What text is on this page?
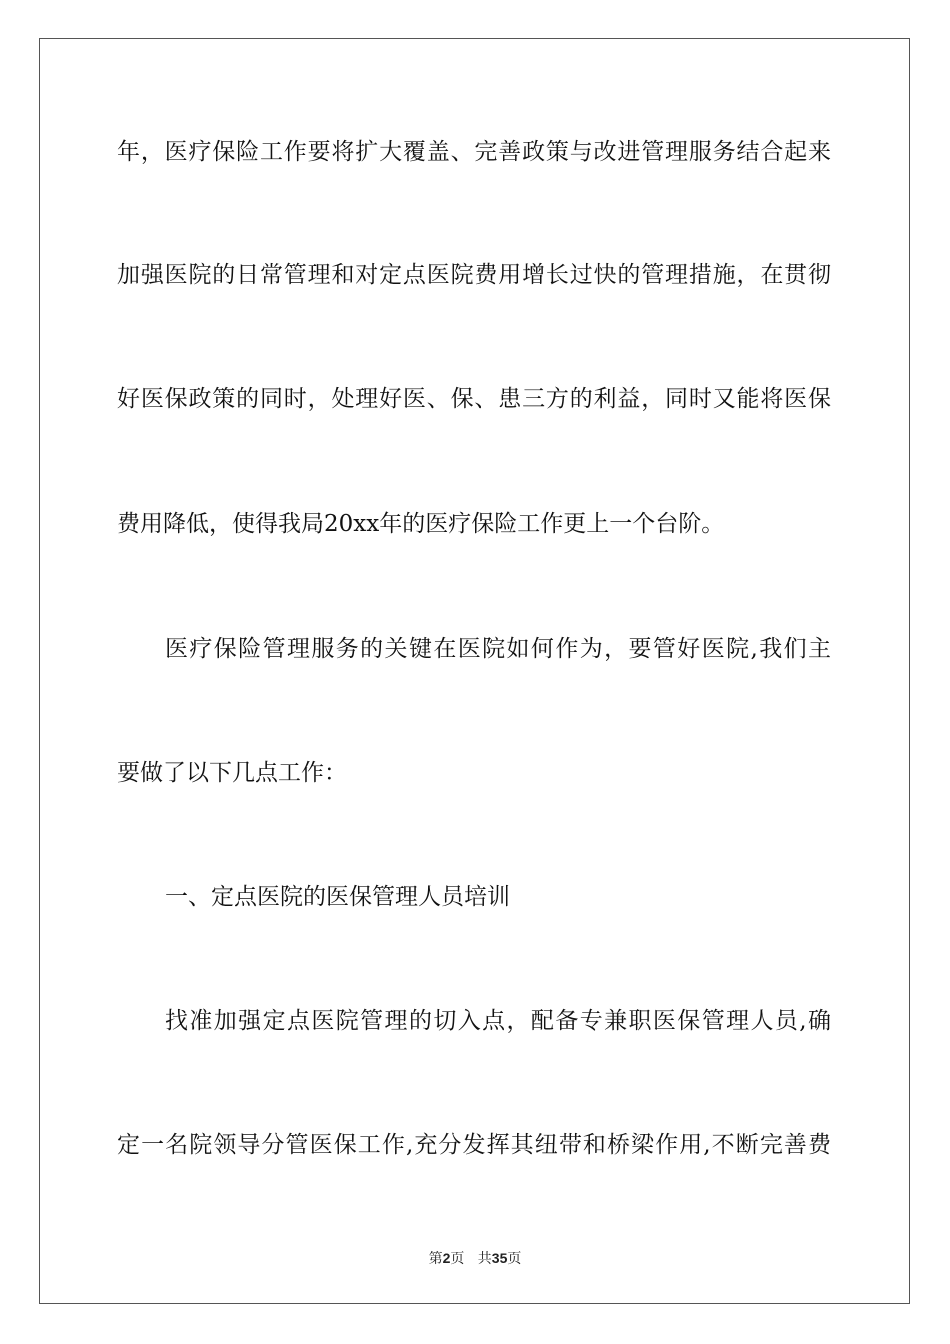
年，医疗保险工作要将扩大覆盖、完善政策与改进管理服务结合起来
加强医院的日常管理和对定点医院费用增长过快的管理措施，在贯彻
好医保政策的同时，处理好医、保、患三方的利益，同时又能将医保
费用降低，使得我局20xx年的医疗保险工作更上一个台阶。
医疗保险管理服务的关键在医院如何作为，要管好医院,我们主
要做了以下几点工作：
一、定点医院的医保管理人员培训
找准加强定点医院管理的切入点，配备专兼职医保管理人员,确
定一名院领导分管医保工作,充分发挥其纽带和桥梁作用,不断完善费
第2页 共35页
